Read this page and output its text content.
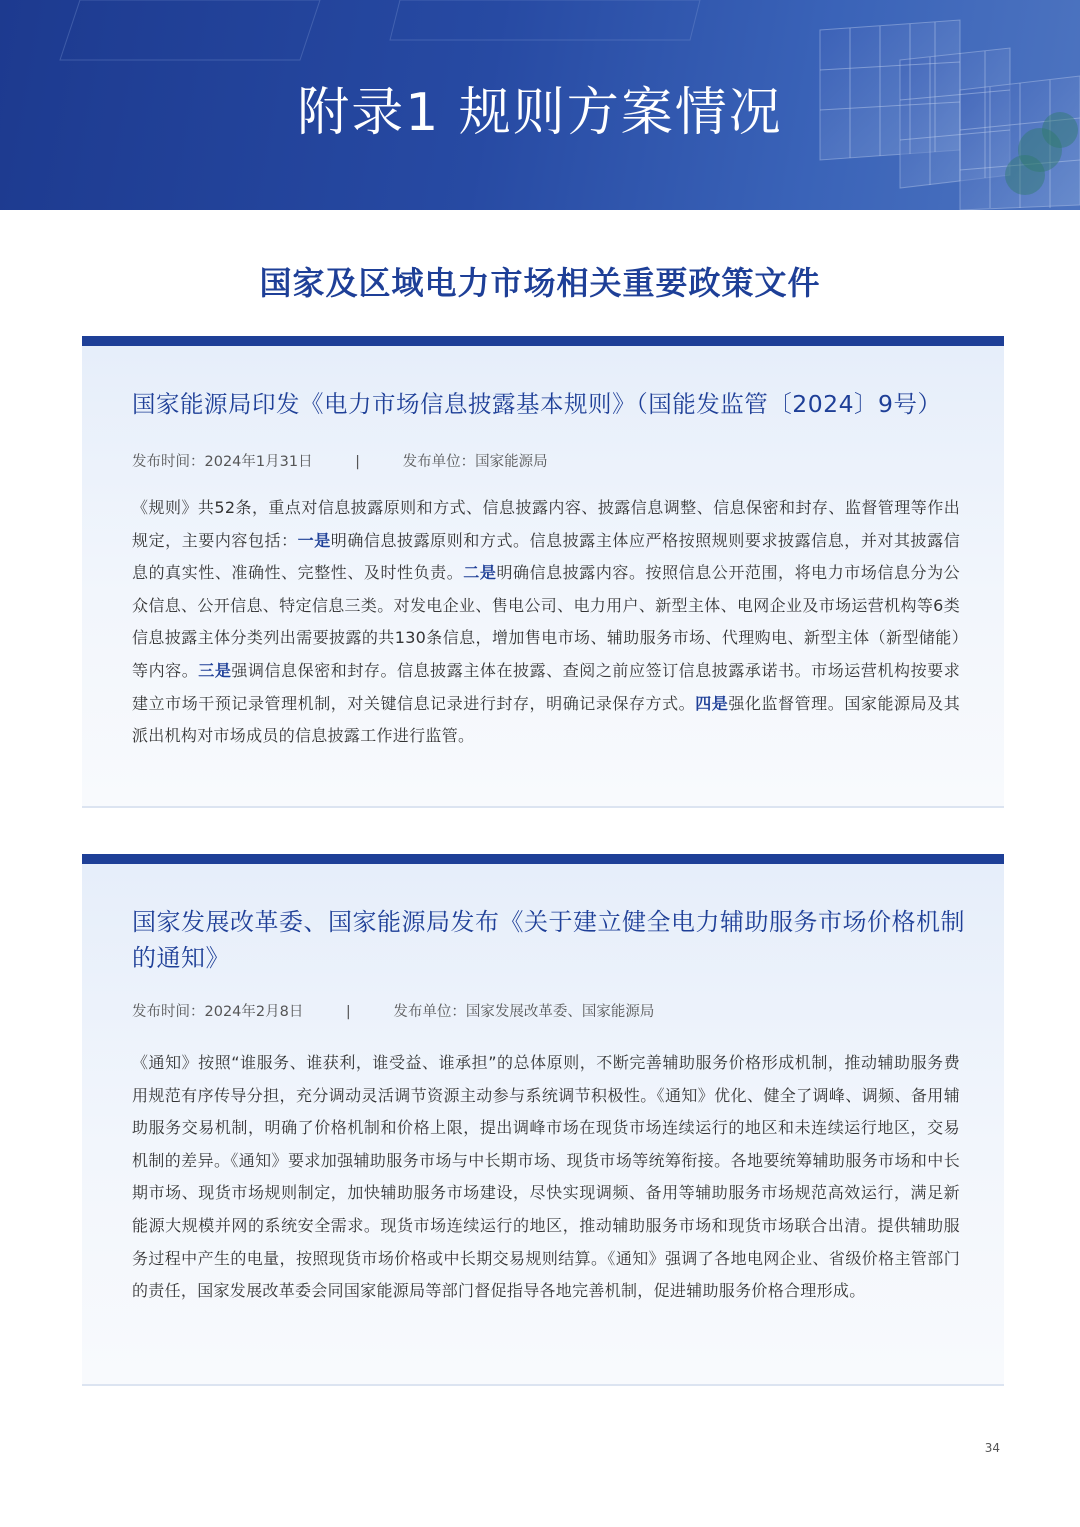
附录1 规则方案情况
国家及区域电力市场相关重要政策文件
国家能源局印发《电力市场信息披露基本规则》（国能发监管〔2024〕9号）
发布时间：2024年1月31日	|	发布单位：国家能源局
《规则》共52条，重点对信息披露原则和方式、信息披露内容、披露信息调整、信息保密和封存、监督管理等作出规定，主要内容包括：一是明确信息披露原则和方式。信息披露主体应严格按照规则要求披露信息，并对其披露信息的真实性、准确性、完整性、及时性负责。二是明确信息披露内容。按照信息公开范围，将电力市场信息分为公众信息、公开信息、特定信息三类。对发电企业、售电公司、电力用户、新型主体、电网企业及市场运营机构等6类信息披露主体分类列出需要披露的共130条信息，增加售电市场、辅助服务市场、代理购电、新型主体（新型储能）等内容。三是强调信息保密和封存。信息披露主体在披露、查阅之前应签订信息披露承诺书。市场运营机构按要求建立市场干预记录管理机制，对关键信息记录进行封存，明确记录保存方式。四是强化监督管理。国家能源局及其派出机构对市场成员的信息披露工作进行监管。
国家发展改革委、国家能源局发布《关于建立健全电力辅助服务市场价格机制的通知》
发布时间：2024年2月8日	|	发布单位：国家发展改革委、国家能源局
《通知》按照“谁服务、谁获利，谁受益、谁承担”的总体原则，不断完善辅助服务价格形成机制，推动辅助服务费用规范有序传导分担，充分调动灵活调节资源主动参与系统调节积极性。《通知》优化、健全了调峰、调频、备用辅助服务交易机制，明确了价格机制和价格上限，提出调峰市场在现货市场连续运行的地区和未连续运行地区，交易机制的差异。《通知》要求加强辅助服务市场与中长期市场、现货市场等统筹衔接。各地要统筹辅助服务市场和中长期市场、现货市场规则制定，加快辅助服务市场建设，尽快实现调频、备用等辅助服务市场规范高效运行，满足新能源大规模并网的系统安全需求。现货市场连续运行的地区，推动辅助服务市场和现货市场联合出清。提供辅助服务过程中产生的电量，按照现货市场价格或中长期交易规则结算。《通知》强调了各地电网企业、省级价格主管部门的责任，国家发展改革委会同国家能源局等部门督促指导各地完善机制，促进辅助服务价格合理形成。
34
